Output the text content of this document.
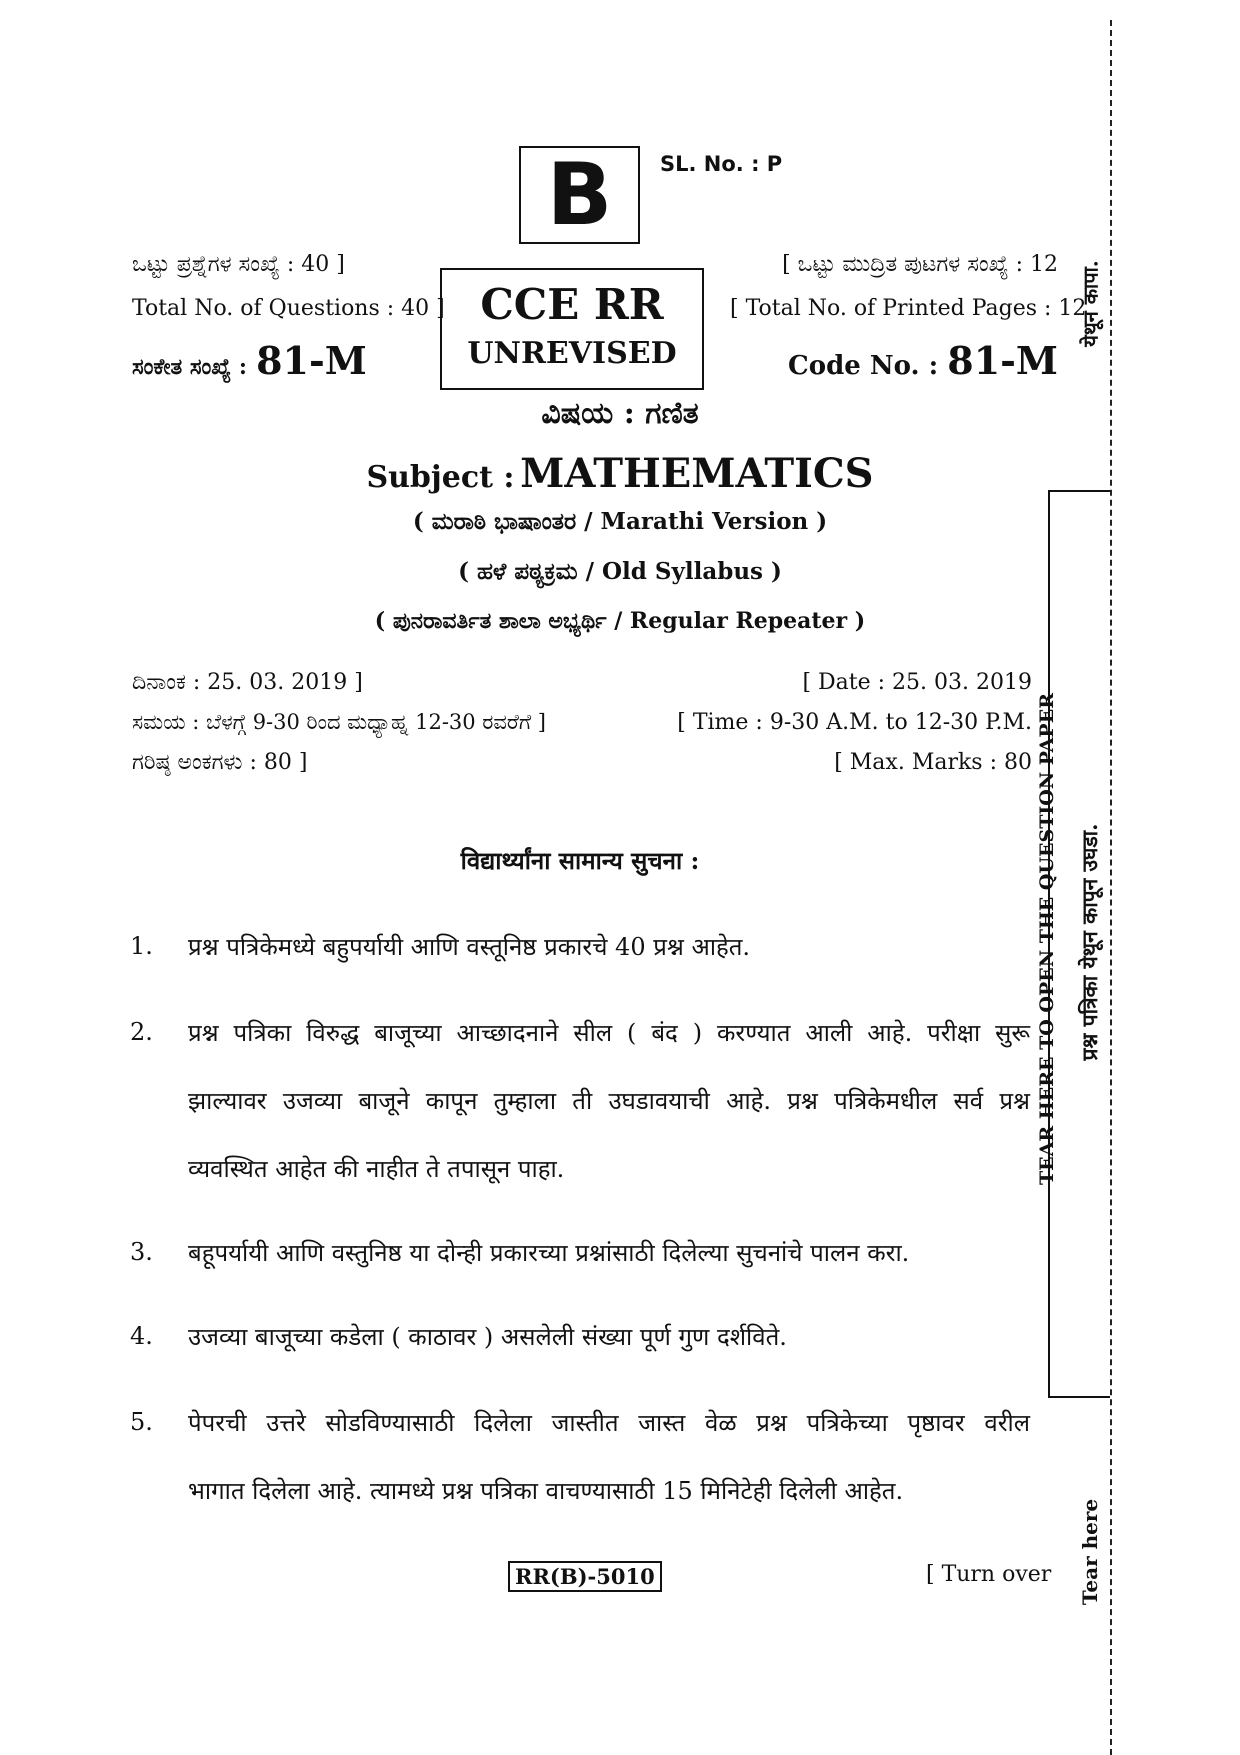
B SL. No. : P
ಒಟ್ಟು ಪ್ರಶ್ನೆಗಳ ಸಂಖ್ಯೆ : 40 ]
Total No. of Questions : 40 ]
ಸಂಕೇತ ಸಂಖ್ಯೆ : 81-M
CCE RR
UNREVISED
[ ಒಟ್ಟು ಮುದ್ರಿತ ಪುಟಗಳ ಸಂಖ್ಯೆ : 12
[ Total No. of Printed Pages : 12
Code No. : 81-M
ವಿಷಯ : ಗಣಿತ
Subject : MATHEMATICS
( ಮರಾಠಿ ಭಾಷಾಂತರ / Marathi Version )
( ಹಳೆ ಪಠ್ಯಕ್ರಮ / Old Syllabus )
( ಪುನರಾವರ್ತಿತ ಶಾಲಾ ಅಭ್ಯರ್ಥಿ / Regular Repeater )
ದಿನಾಂಕ : 25. 03. 2019 ]	[ Date : 25. 03. 2019
ಸಮಯ : ಬೆಳಗ್ಗೆ 9-30 ರಿಂದ ಮಧ್ಯಾಹ್ನ 12-30 ರವರೆಗೆ ]	[ Time : 9-30 A.M. to 12-30 P.M.
ಗರಿಷ್ಠ ಅಂಕಗಳು : 80 ]	[ Max. Marks : 80
विद्यार्थ्यांना सामान्य सुचना :
1. प्रश्न पत्रिकेमध्ये बहुपर्यायी आणि वस्तूनिष्ठ प्रकारचे 40 प्रश्न आहेत.
2. प्रश्न पत्रिका विरुद्ध बाजूच्या आच्छादनाने सील ( बंद ) करण्यात आली आहे. परीक्षा सुरू
झाल्यावर उजव्या बाजूने कापून तुम्हाला ती उघडावयाची आहे. प्रश्न पत्रिकेमधील सर्व प्रश्न
व्यवस्थित आहेत की नाहीत ते तपासून पाहा.
3. बहूपर्यायी आणि वस्तुनिष्ठ या दोन्ही प्रकारच्या प्रश्नांसाठी दिलेल्या सुचनांचे पालन करा.
4. उजव्या बाजूच्या कडेला ( काठावर ) असलेली संख्या पूर्ण गुण दर्शविते.
5. पेपरची उत्तरे सोडविण्यासाठी दिलेला जास्तीत जास्त वेळ प्रश्न पत्रिकेच्या पृष्ठावर वरील
भागात दिलेला आहे. त्यामध्ये प्रश्न पत्रिका वाचण्यासाठी 15 मिनिटेही दिलेली आहेत.
RR(B)-5010	[ Turn over
येथून कापा.
TEAR HERE TO OPEN THE QUESTION PAPER प्रश्न पत्रिका येथून कापून उघडा.
Tear here
